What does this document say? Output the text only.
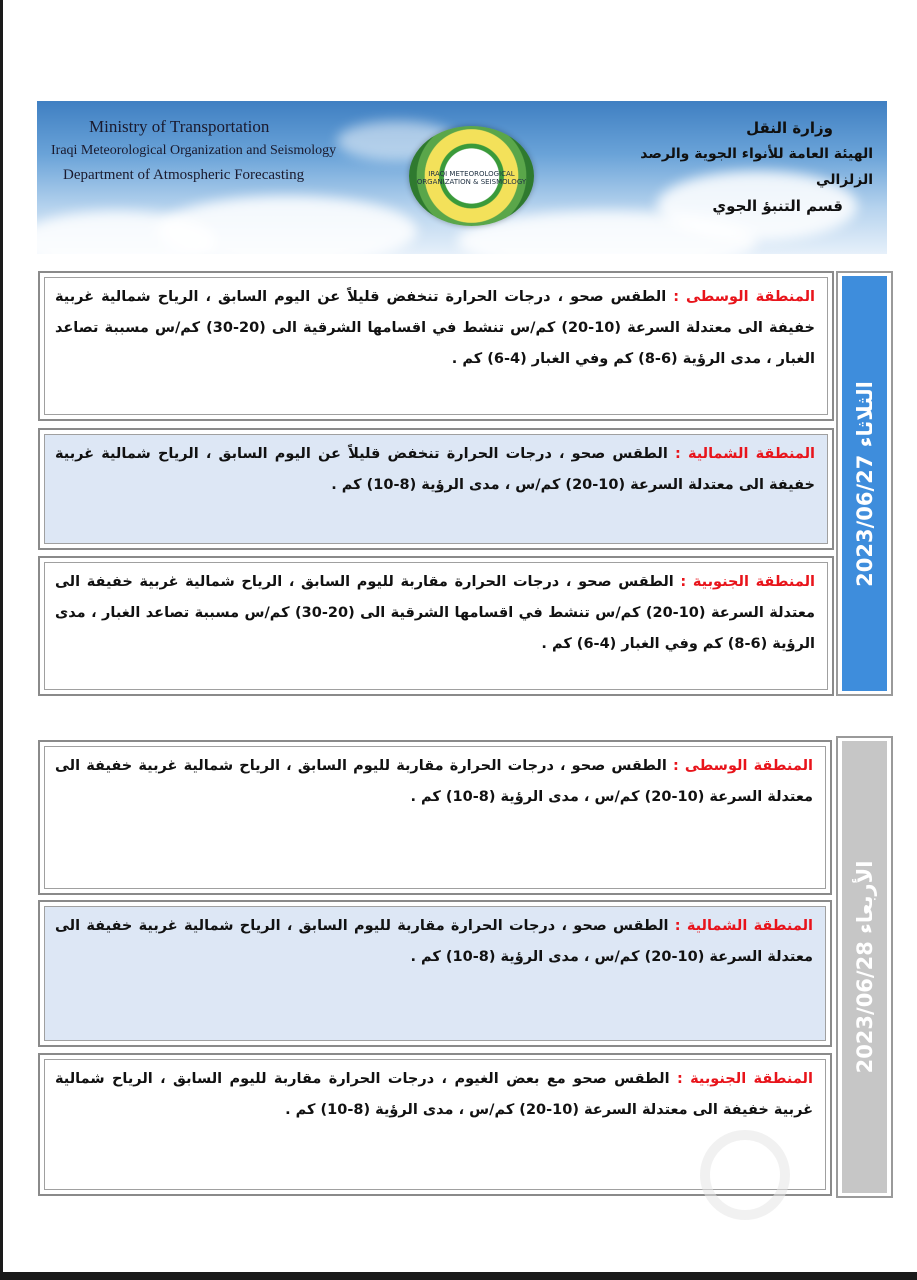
Ministry of Transportation
Iraqi Meteorological Organization and Seismology
Department of Atmospheric Forecasting	IRAQI METEOROLOGICAL ORGANIZATION & SEISMOLOGY
وزارة النقل
الهيئة العامة للأنواء الجوية والرصد الزلزالي
قسم التنبؤ الجوي
المنطقة الوسطى : الطقس صحو ، درجات الحرارة تنخفض قليلاً عن اليوم السابق ، الرياح شمالية غربية خفيفة الى معتدلة السرعة (10-20) كم/س تنشط في اقسامها الشرقية الى (20-30) كم/س مسببة تصاعد الغبار ، مدى الرؤية (6-8) كم وفي الغبار (4-6) كم .
المنطقة الشمالية : الطقس صحو ، درجات الحرارة تنخفض قليلاً عن اليوم السابق ، الرياح شمالية غربية خفيفة الى معتدلة السرعة (10-20) كم/س ، مدى الرؤية (8-10) كم .
المنطقة الجنوبية : الطقس صحو ، درجات الحرارة مقاربة لليوم السابق ، الرياح شمالية غربية خفيفة الى معتدلة السرعة (10-20) كم/س تنشط في اقسامها الشرقية الى (20-30) كم/س مسببة تصاعد الغبار ، مدى الرؤية (6-8) كم وفي الغبار (4-6) كم .
الثلاثاء 2023/06/27
المنطقة الوسطى : الطقس صحو ، درجات الحرارة مقاربة لليوم السابق ، الرياح شمالية غربية خفيفة الى معتدلة السرعة (10-20) كم/س ، مدى الرؤية (8-10) كم .
المنطقة الشمالية : الطقس صحو ، درجات الحرارة مقاربة لليوم السابق ، الرياح شمالية غربية خفيفة الى معتدلة السرعة (10-20) كم/س ، مدى الرؤية (8-10) كم .
المنطقة الجنوبية : الطقس صحو مع بعض الغيوم ، درجات الحرارة مقاربة لليوم السابق ، الرياح شمالية غربية خفيفة الى معتدلة السرعة (10-20) كم/س ، مدى الرؤية (8-10) كم .
الأربعاء 2023/06/28
